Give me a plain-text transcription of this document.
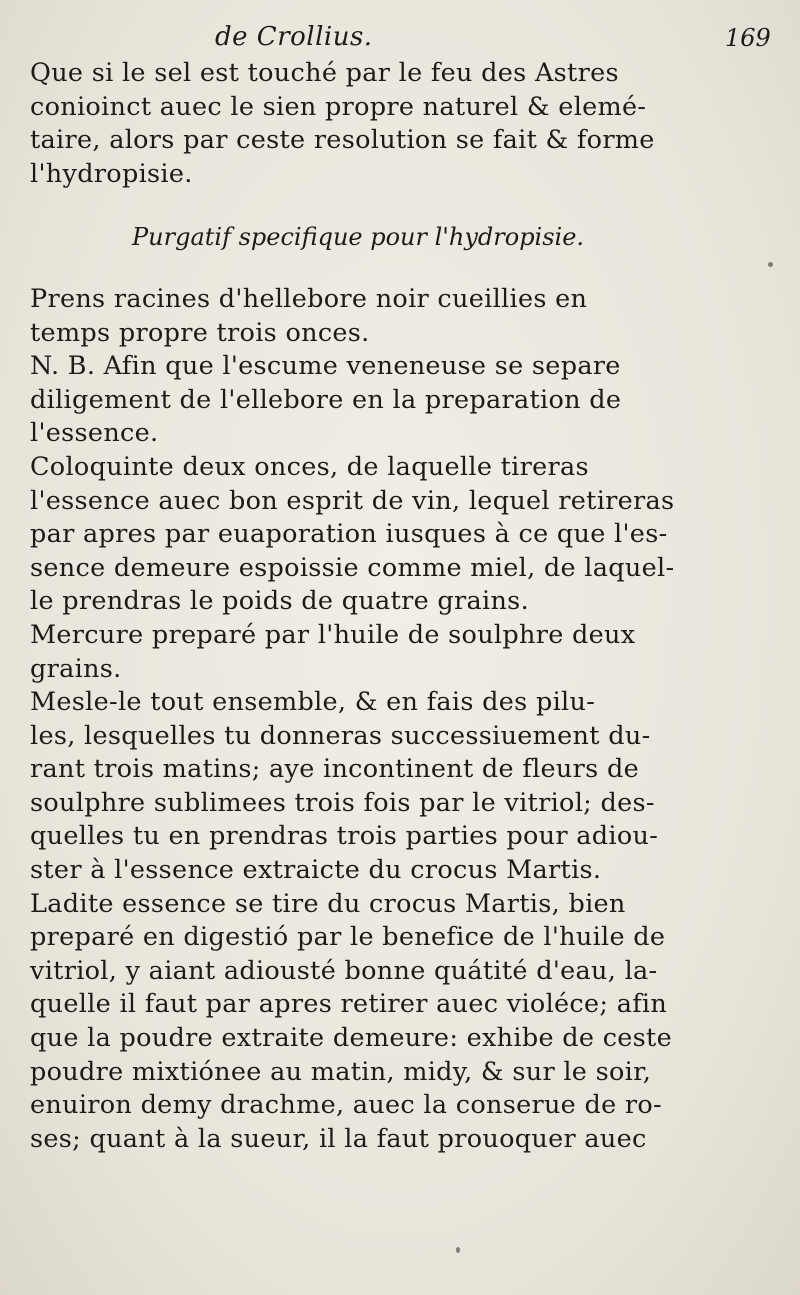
de Crollius.	169
Que si le sel est touché par le feu des Astres
conioinct auec le sien propre naturel & elemé-
taire, alors par ceste resolution se fait & forme
l'hydropisie.
Purgatif specifique pour l'hydropisie.
Prens racines d'hellebore noir cueillies en
temps propre trois onces.
N. B. Afin que l'escume veneneuse se separe
diligement de l'ellebore en la preparation de
l'essence.
Coloquinte deux onces, de laquelle tireras
l'essence auec bon esprit de vin, lequel retireras
par apres par euaporation iusques à ce que l'es-
sence demeure espoissie comme miel, de laquel-
le prendras le poids de quatre grains.
Mercure preparé par l'huile de soulphre deux
grains.
Mesle-le tout ensemble, & en fais des pilu-
les, lesquelles tu donneras successiuement du-
rant trois matins; aye incontinent de fleurs de
soulphre sublimees trois fois par le vitriol; des-
quelles tu en prendras trois parties pour adiou-
ster à l'essence extraicte du crocus Martis.
Ladite essence se tire du crocus Martis, bien
preparé en digestió par le benefice de l'huile de
vitriol, y aiant adiousté bonne quátité d'eau, la-
quelle il faut par apres retirer auec violéce; afin
que la poudre extraite demeure: exhibe de ceste
poudre mixtiónee au matin, midy, & sur le soir,
enuiron demy drachme, auec la conserue de ro-
ses; quant à la sueur, il la faut prouoquer auec
